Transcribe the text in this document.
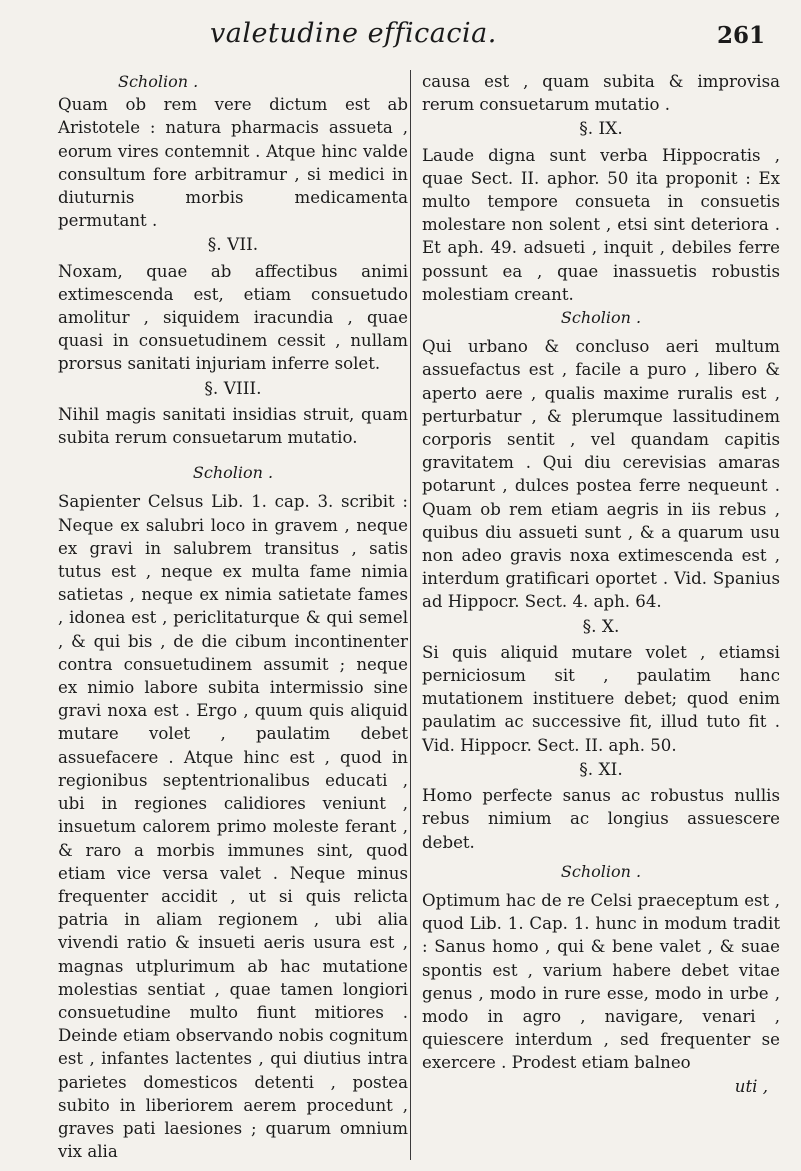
valetudine efficacia.	261

Scholion .

Quam ob rem vere dictum est ab Aristotele : natura pharmacis assueta , eorum vires contemnit . Atque hinc valde consultum fore arbitramur , si medici in diuturnis morbis medicamenta permutant .

§. VII.

Noxam, quae ab affectibus animi extimescenda est, etiam consuetudo amolitur , siquidem iracundia , quae quasi in consuetudinem cessit , nullam prorsus sanitati injuriam inferre solet.

§. VIII.

Nihil magis sanitati insidias struit, quam subita rerum consuetarum mutatio.

Scholion .

Sapienter Celsus Lib. 1. cap. 3. scribit : Neque ex salubri loco in gravem , neque ex gravi in salubrem transitus , satis tutus est , neque ex multa fame nimia satietas , neque ex nimia satietate fames , idonea est , periclitaturque & qui semel , & qui bis , de die cibum incontinenter contra consuetudinem assumit ; neque ex nimio labore subita intermissio sine gravi noxa est . Ergo , quum quis aliquid mutare volet , paulatim debet assuefacere . Atque hinc est , quod in regionibus septentrionalibus educati , ubi in regiones calidiores veniunt , insuetum calorem primo moleste ferant , & raro a morbis immunes sint, quod etiam vice versa valet . Neque minus frequenter accidit , ut si quis relicta patria in aliam regionem , ubi alia vivendi ratio & insueti aeris usura est , magnas utplurimum ab hac mutatione molestias sentiat , quae tamen longiori consuetudine multo fiunt mitiores . Deinde etiam observando nobis cognitum est , infantes lactentes , qui diutius intra parietes domesticos detenti , postea subito in liberiorem aerem procedunt , graves pati laesiones ; quarum omnium vix alia

causa est , quam subita & improvisa rerum consuetarum mutatio .

§. IX.

Laude digna sunt verba Hippocratis , quae Sect. II. aphor. 50 ita proponit : Ex multo tempore consueta in consuetis molestare non solent , etsi sint deteriora . Et aph. 49. adsueti , inquit , debiles ferre possunt ea , quae inassuetis robustis molestiam creant.

Scholion .

Qui urbano & concluso aeri multum assuefactus est , facile a puro , libero & aperto aere , qualis maxime ruralis est , perturbatur , & plerumque lassitudinem corporis sentit , vel quandam capitis gravitatem . Qui diu cerevisias amaras potarunt , dulces postea ferre nequeunt . Quam ob rem etiam aegris in iis rebus , quibus diu assueti sunt , & a quarum usu non adeo gravis noxa extimescenda est , interdum gratificari oportet . Vid. Spanius ad Hippocr. Sect. 4. aph. 64.

§. X.

Si quis aliquid mutare volet , etiamsi perniciosum sit , paulatim hanc mutationem instituere debet; quod enim paulatim ac successive fit, illud tuto fit . Vid. Hippocr. Sect. II. aph. 50.

§. XI.

Homo perfecte sanus ac robustus nullis rebus nimium ac longius assuescere debet.

Scholion .

Optimum hac de re Celsi praeceptum est , quod Lib. 1. Cap. 1. hunc in modum tradit : Sanus homo , qui & bene valet , & suae spontis est , varium habere debet vitae genus , modo in rure esse, modo in urbe , modo in agro , navigare, venari , quiescere interdum , sed frequenter se exercere . Prodest etiam balneo

uti ,
